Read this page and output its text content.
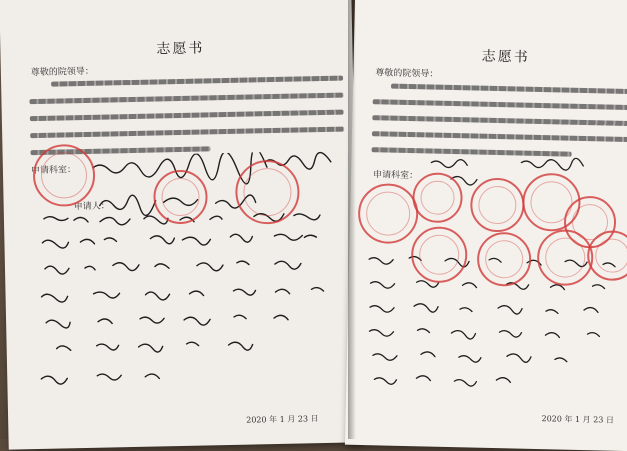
志愿书
尊敬的院领导：
申请科室：
申请人：
2020 年 1 月 23 日
志愿书
尊敬的院领导：
申请科室：
2020 年 1 月 23 日
